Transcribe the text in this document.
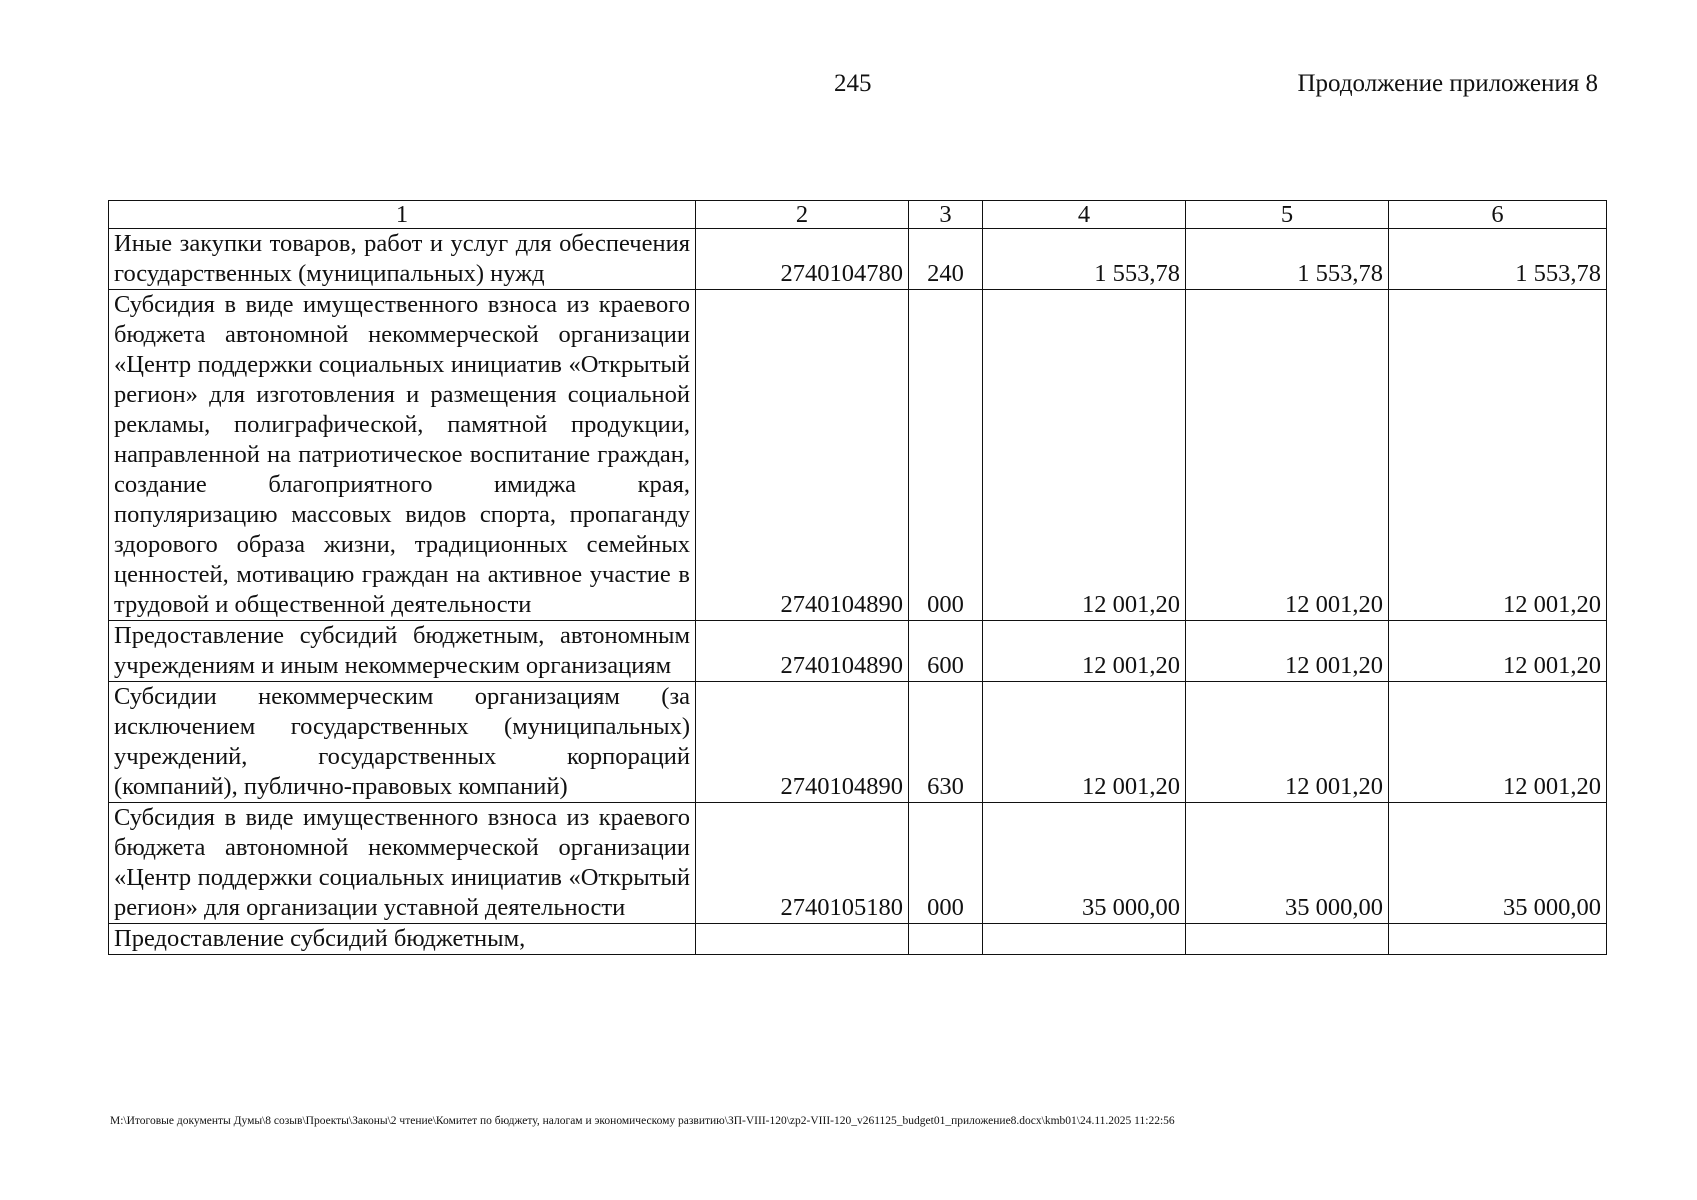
245	Продолжение приложения 8
1	2	3	4	5	6
Иные закупки товаров, работ и услуг для обеспечения государственных (муниципальных) нужд	2740104780	240	1 553,78	1 553,78	1 553,78
Субсидия в виде имущественного взноса из краевого бюджета автономной некоммерческой организации «Центр поддержки социальных инициатив «Открытый регион» для изготовления и размещения социальной рекламы, полиграфической, памятной продукции, направленной на патриотическое воспитание граждан, создание благоприятного имиджа края, популяризацию массовых видов спорта, пропаганду здорового образа жизни, традиционных семейных ценностей, мотивацию граждан на активное участие в трудовой и общественной деятельности	2740104890	000	12 001,20	12 001,20	12 001,20
Предоставление субсидий бюджетным, автономным учреждениям и иным некоммерческим организациям	2740104890	600	12 001,20	12 001,20	12 001,20
Субсидии некоммерческим организациям (за исключением государственных (муниципальных) учреждений, государственных корпораций (компаний), публично-правовых компаний)	2740104890	630	12 001,20	12 001,20	12 001,20
Субсидия в виде имущественного взноса из краевого бюджета автономной некоммерческой организации «Центр поддержки социальных инициатив «Открытый регион» для организации уставной деятельности	2740105180	000	35 000,00	35 000,00	35 000,00
Предоставление субсидий бюджетным,					
M:\Итоговые документы Думы\8 созыв\Проекты\Законы\2 чтение\Комитет по бюджету, налогам и экономическому развитию\ЗП-VIII-120\zp2-VIII-120_v261125_budget01_приложение8.docx\kmb01\24.11.2025 11:22:56
